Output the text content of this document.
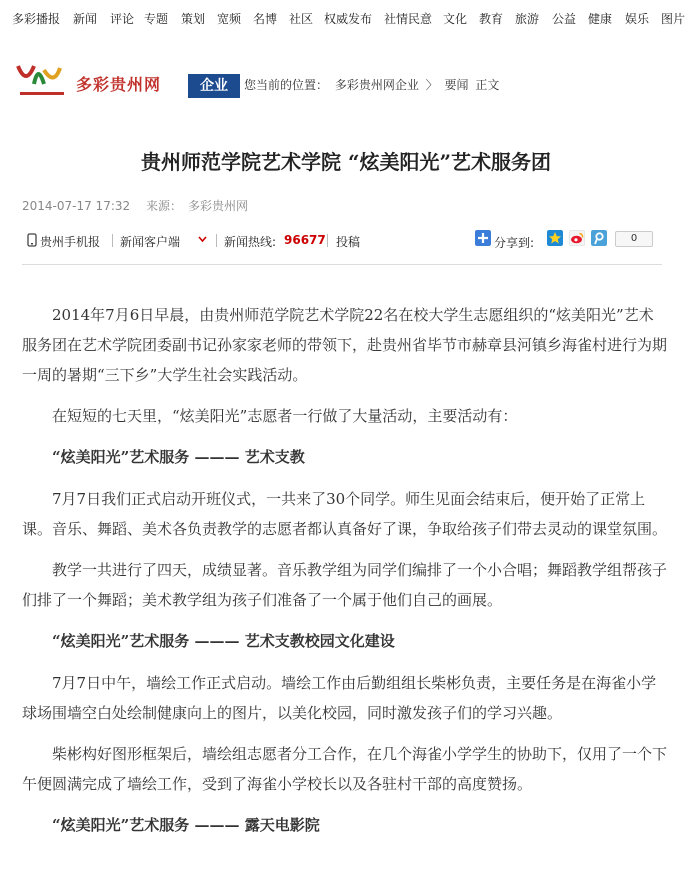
多彩播报 新闻 评论 专题 策划 宽频 名博 社区 权威发布 社情民意 文化 教育 旅游 公益 健康 娱乐 图片
多彩贵州网	企业	您当前的位置： 多彩贵州网企业 〉 要闻 正文
贵州师范学院艺术学院 “炫美阳光”艺术服务团
2014-07-17 17:32 来源： 多彩贵州网
贵州手机报 新闻客户端	新闻热线: 96677 投稿	分享到:	0

2014年7月6日早晨，由贵州师范学院艺术学院22名在校大学生志愿组织的“炫美阳光”艺术服务团在艺术学院团委副书记孙家家老师的带领下，赴贵州省毕节市赫章县河镇乡海雀村进行为期一周的暑期“三下乡”大学生社会实践活动。

在短短的七天里，“炫美阳光”志愿者一行做了大量活动，主要活动有：

“炫美阳光”艺术服务 ——— 艺术支教

7月7日我们正式启动开班仪式，一共来了30个同学。师生见面会结束后，便开始了正常上课。音乐、舞蹈、美术各负责教学的志愿者都认真备好了课，争取给孩子们带去灵动的课堂氛围。

教学一共进行了四天，成绩显著。音乐教学组为同学们编排了一个小合唱；舞蹈教学组帮孩子们排了一个舞蹈；美术教学组为孩子们准备了一个属于他们自己的画展。

“炫美阳光”艺术服务 ——— 艺术支教校园文化建设

7月7日中午，墙绘工作正式启动。墙绘工作由后勤组组长柴彬负责，主要任务是在海雀小学球场围墙空白处绘制健康向上的图片，以美化校园，同时激发孩子们的学习兴趣。

柴彬构好图形框架后，墙绘组志愿者分工合作，在几个海雀小学学生的协助下，仅用了一个下午便圆满完成了墙绘工作，受到了海雀小学校长以及各驻村干部的高度赞扬。

“炫美阳光”艺术服务 ——— 露天电影院
